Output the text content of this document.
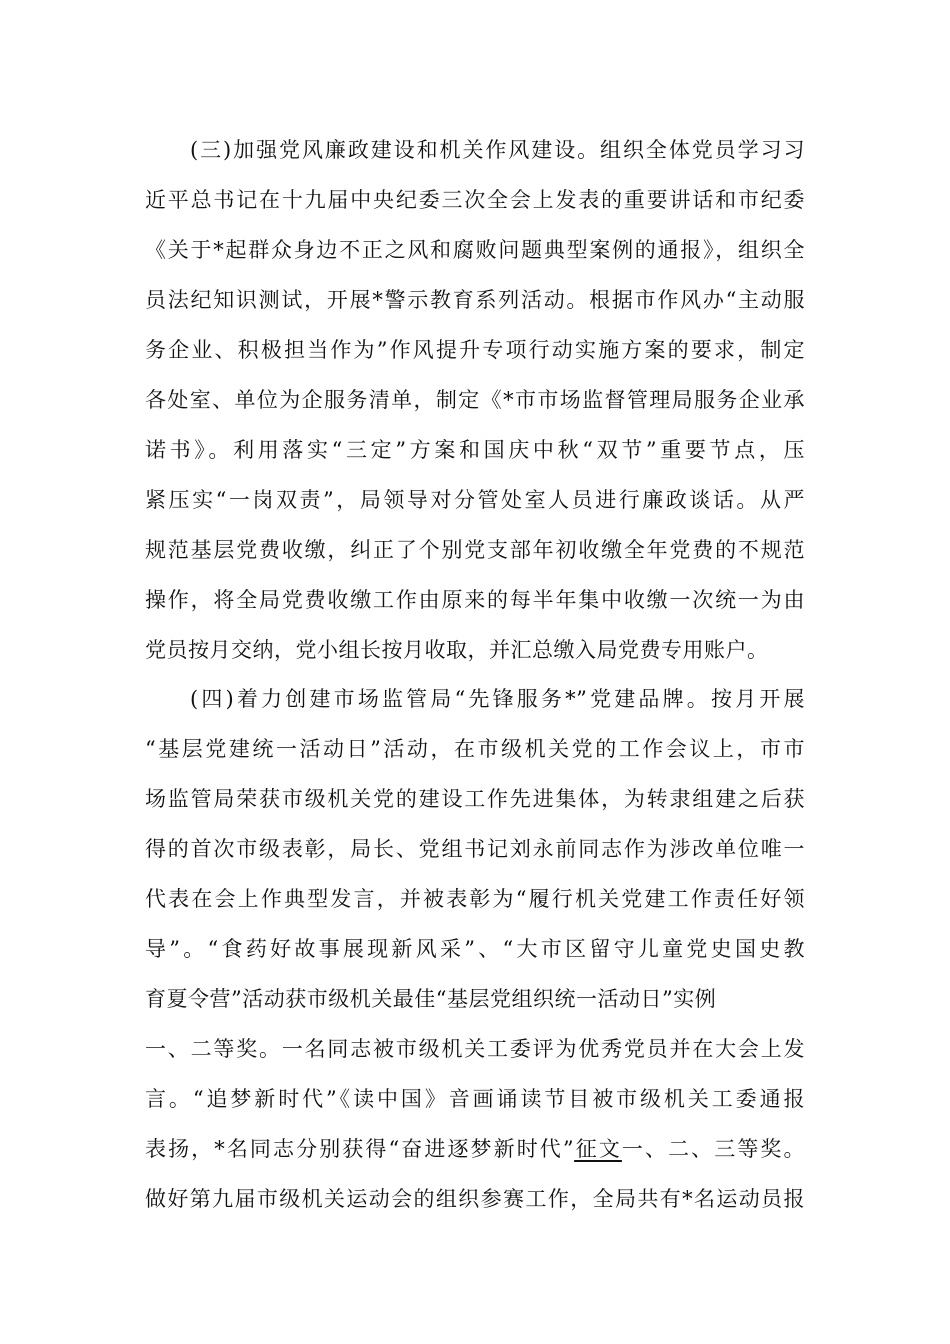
(三)加强党风廉政建设和机关作风建设。组织全体党员学习习
近平总书记在十九届中央纪委三次全会上发表的重要讲话和市纪委
《关于*起群众身边不正之风和腐败问题典型案例的通报》，组织全
员法纪知识测试，开展*警示教育系列活动。根据市作风办“主动服
务企业、积极担当作为”作风提升专项行动实施方案的要求，制定
各处室、单位为企服务清单，制定《*市市场监督管理局服务企业承
诺书》。利用落实“三定”方案和国庆中秋“双节”重要节点，压
紧压实“一岗双责”，局领导对分管处室人员进行廉政谈话。从严
规范基层党费收缴，纠正了个别党支部年初收缴全年党费的不规范
操作，将全局党费收缴工作由原来的每半年集中收缴一次统一为由
党员按月交纳，党小组长按月收取，并汇总缴入局党费专用账户。
(四)着力创建市场监管局“先锋服务*”党建品牌。按月开展
“基层党建统一活动日”活动，在市级机关党的工作会议上，市市
场监管局荣获市级机关党的建设工作先进集体，为转隶组建之后获
得的首次市级表彰，局长、党组书记刘永前同志作为涉改单位唯一
代表在会上作典型发言，并被表彰为“履行机关党建工作责任好领
导”。“食药好故事展现新风采”、“大市区留守儿童党史国史教
育夏令营”活动获市级机关最佳“基层党组织统一活动日”实例
一、二等奖。一名同志被市级机关工委评为优秀党员并在大会上发
言。“追梦新时代”《读中国》音画诵读节目被市级机关工委通报
表扬，*名同志分别获得“奋进逐梦新时代”征文一、二、三等奖。
做好第九届市级机关运动会的组织参赛工作，全局共有*名运动员报
